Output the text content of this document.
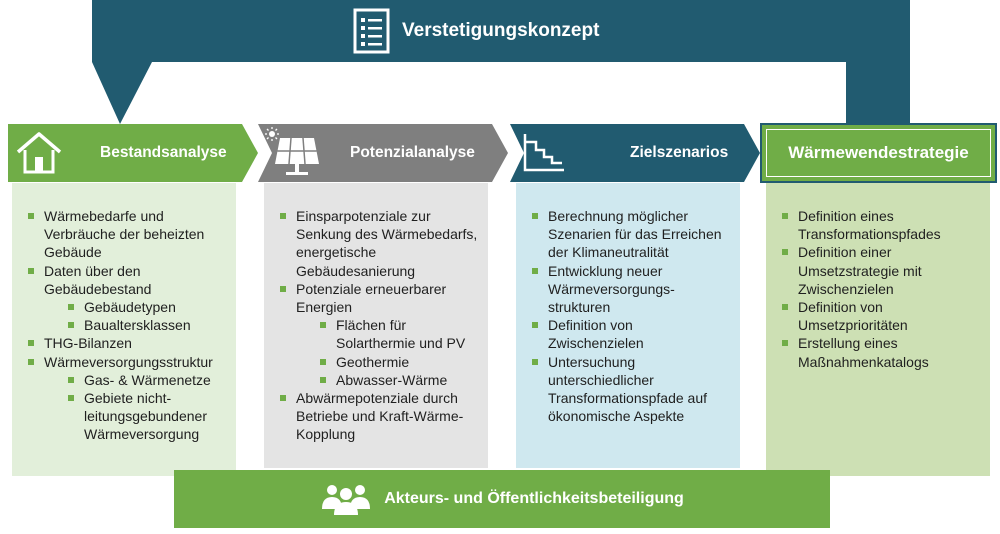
Verstetigungskonzept
Wärmebedarfe und Verbräuche der beheizten Gebäude
Daten über den Gebäudebestand
Gebäudetypen
Baualtersklassen
THG-Bilanzen
Wärmeversorgungsstruktur
Gas- & Wärmenetze
Gebiete nicht-leitungsgebundener Wärmeversorgung
Einsparpotenziale zur Senkung des Wärmebedarfs, energetische Gebäudesanierung
Potenziale erneuerbarer Energien
Flächen für Solarthermie und PV
Geothermie
Abwasser-Wärme
Abwärmepotenziale durch Betriebe und Kraft-Wärme-Kopplung
Berechnung möglicher Szenarien für das Erreichen der Klimaneutralität
Entwicklung neuer Wärmeversorgungs-strukturen
Definition von Zwischenzielen
Untersuchung unterschiedlicher Transformationspfade auf ökonomische Aspekte
Definition eines Transformationspfades
Definition einer Umsetzstrategie mit Zwischenzielen
Definition von Umsetzprioritäten
Erstellung eines Maßnahmenkatalogs
Bestandsanalyse	Potenzialanalyse	Zielszenarios	Wärmewendestrategie
Akteurs- und Öffentlichkeitsbeteiligung
